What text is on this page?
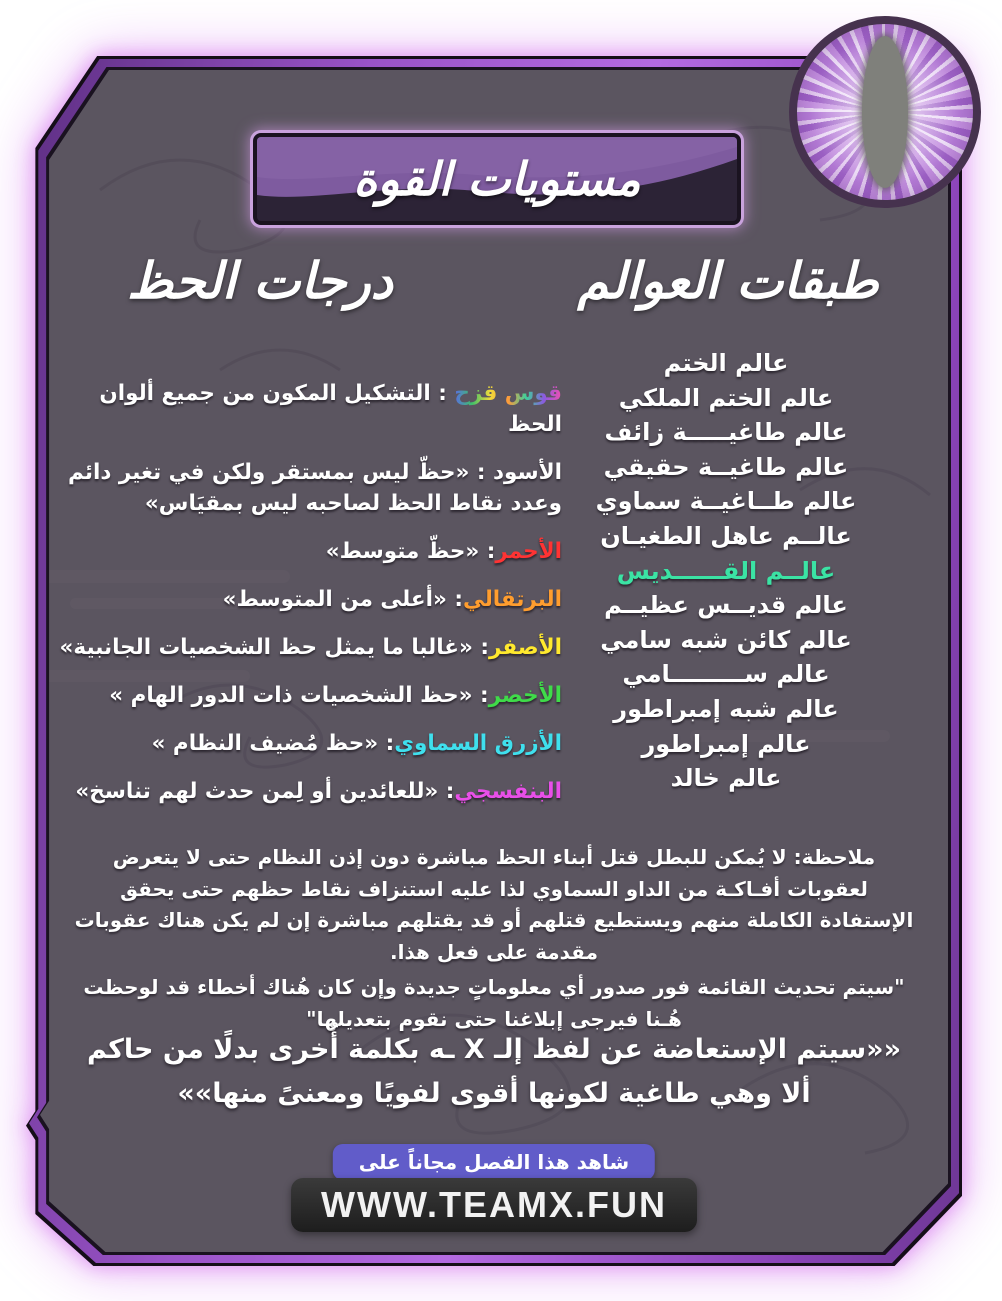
مستويات القوة
طبقات العوالم
درجات الحظ
عالم الختم
عالم الختم الملكي
عالم طاغيـــــة زائف
عالم طاغيــة حقيقي
عالم طــاغيــة سماوي
عالــم عاهل الطغيـان
عالــم القــــــديس
عالم قديــس عظيــم
عالم كائن شبه سامي
عالم ســـــــــامي
عالم شبه إمبراطور
عالم إمبراطور
عالم خالد
قوس قزح : التشكيل المكون من جميع ألوان الحظ
الأسود : «حظّ ليس بمستقر ولكن في تغير دائم وعدد نقاط الحظ لصاحبه ليس بمقيَاس»
الأحمر: «حظّ متوسط»
البرتقالي: «أعلى من المتوسط»
الأصفر: «غالبا ما يمثل حظ الشخصيات الجانبية»
الأخضر: «حظ الشخصيات ذات الدور الهام »
الأزرق السماوي: «حظ مُضيف النظام »
البنفسجي: «للعائدين أو لِمن حدث لهم تناسخ»

ملاحظة: لا يُمكن للبطل قتل أبناء الحظ مباشرة دون إذن النظام حتى لا يتعرض لعقوبات أفـاكـة من الداو السماوي لذا عليه استنزاف نقاط حظهم حتى يحقق الإستفادة الكاملة منهم ويستطيع قتلهم أو قد يقتلهم مباشرة إن لم يكن هناك عقوبات مقدمة على فعل هذا.

"سيتم تحديث القائمة فور صدور أي معلوماتٍ جديدة وإن كان هُناك أخطاء قد لوحظت هُـنا فيرجى إبلاغنا حتى نقوم بتعديلها"

««سيتم الإستعاضة عن لفظ إلـ X ـه بكلمة أُخرى بدلًا من حاكم ألا وهي طاغية لكونها أقوى لفويًا ومعنىً منها»»
شاهد هذا الفصل مجاناً على
WWW.TEAMX.FUN
